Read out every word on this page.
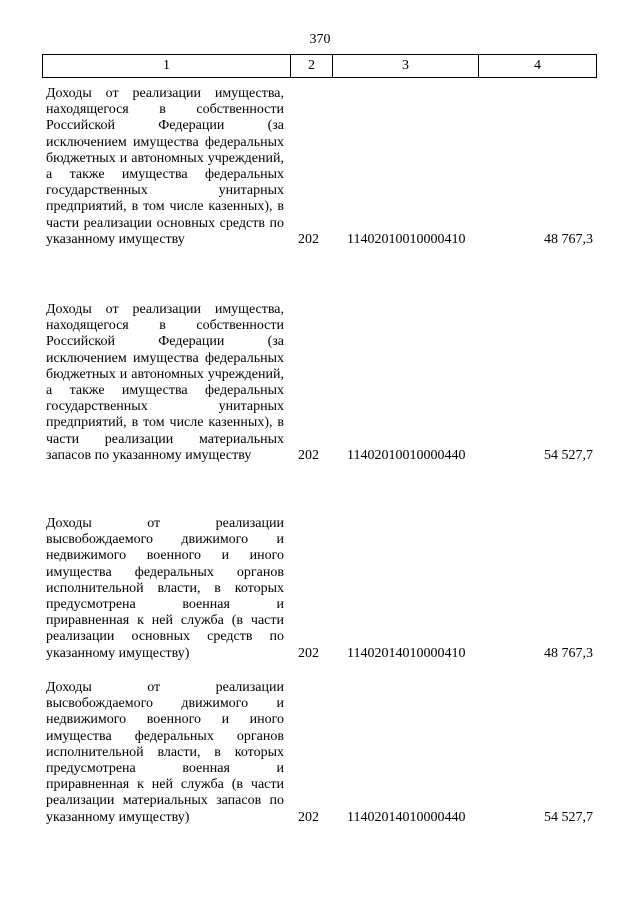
370
1	2	3	4
Доходы от реализации имущества, находящегося в собственности Российской Федерации (за исключением имущества федеральных бюджетных и автономных учреждений, а также имущества федеральных государственных унитарных предприятий, в том числе казенных), в части реализации основных средств по указанному имуществу	202 11402010010000410	48 767,3
Доходы от реализации имущества, находящегося в собственности Российской Федерации (за исключением имущества федеральных бюджетных и автономных учреждений, а также имущества федеральных государственных унитарных предприятий, в том числе казенных), в части реализации материальных запасов по указанному имуществу	202 11402010010000440	54 527,7
Доходы от реализации высвобождаемого движимого и недвижимого военного и иного имущества федеральных органов исполнительной власти, в которых предусмотрена военная и приравненная к ней служба (в части реализации основных средств по указанному имуществу)	202 11402014010000410	48 767,3
Доходы от реализации высвобождаемого движимого и недвижимого военного и иного имущества федеральных органов исполнительной власти, в которых предусмотрена военная и приравненная к ней служба (в части реализации материальных запасов по указанному имуществу)	202 11402014010000440	54 527,7
